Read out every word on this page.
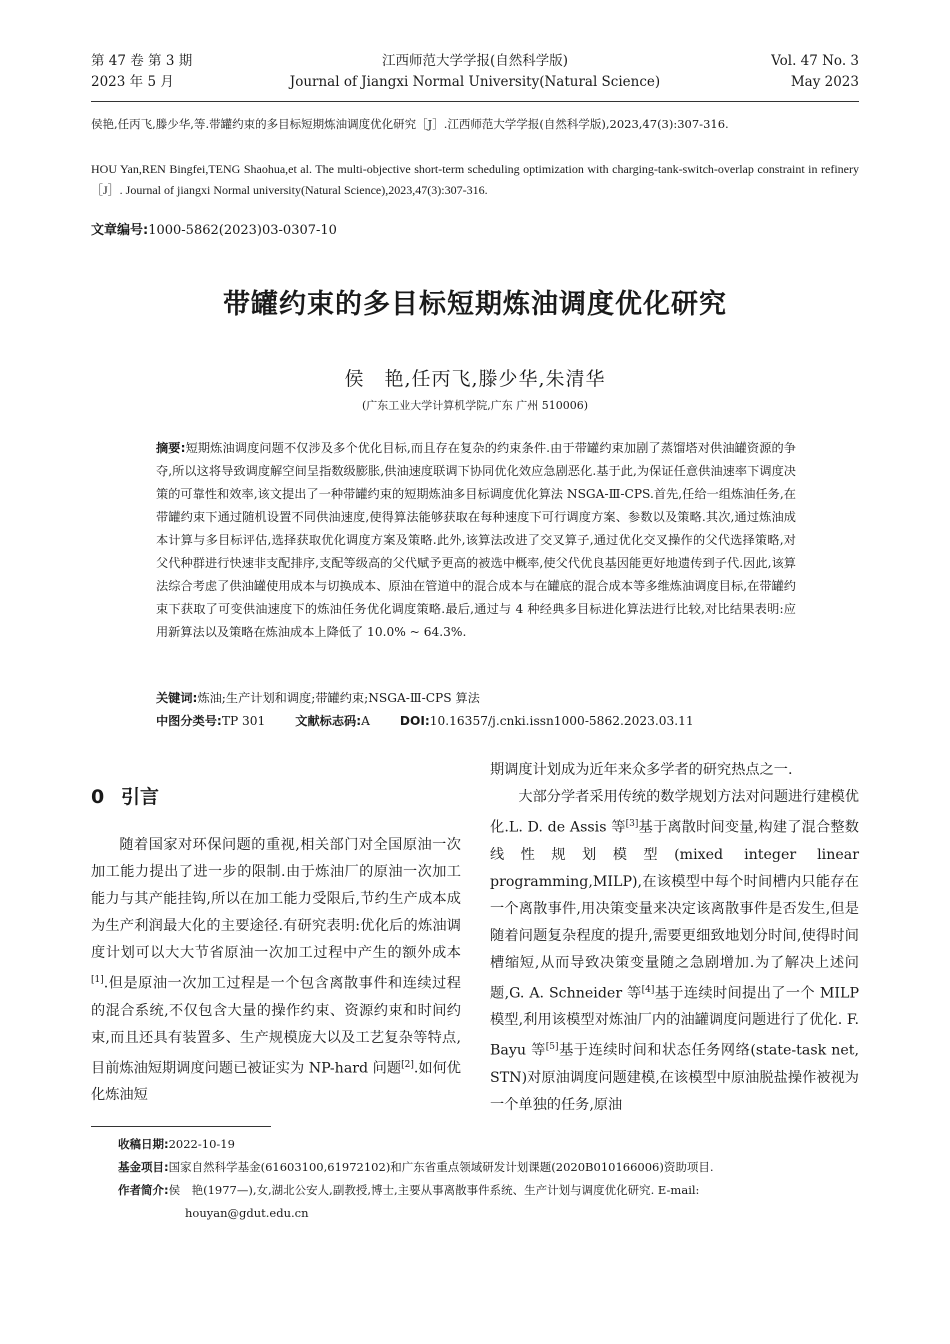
第 47 卷 第 3 期
2023 年 5 月
江西师范大学学报(自然科学版)
Journal of Jiangxi Normal University(Natural Science)
Vol. 47 No. 3
May 2023
侯艳,任丙飞,滕少华,等.带罐约束的多目标短期炼油调度优化研究［J］.江西师范大学学报(自然科学版),2023,47(3):307-316.
HOU Yan,REN Bingfei,TENG Shaohua,et al. The multi-objective short-term scheduling optimization with charging-tank-switch-overlap constraint in refinery［J］. Journal of jiangxi Normal university(Natural Science),2023,47(3):307-316.
文章编号:1000-5862(2023)03-0307-10
带罐约束的多目标短期炼油调度优化研究
侯　艳,任丙飞,滕少华,朱清华
(广东工业大学计算机学院,广东 广州 510006)
摘要:短期炼油调度问题不仅涉及多个优化目标,而且存在复杂的约束条件.由于带罐约束加剧了蒸馏塔对供油罐资源的争夺,所以这将导致调度解空间呈指数级膨胀,供油速度联调下协同优化效应急剧恶化.基于此,为保证任意供油速率下调度决策的可靠性和效率,该文提出了一种带罐约束的短期炼油多目标调度优化算法 NSGA-Ⅲ-CPS.首先,任给一组炼油任务,在带罐约束下通过随机设置不同供油速度,使得算法能够获取在每种速度下可行调度方案、参数以及策略.其次,通过炼油成本计算与多目标评估,选择获取优化调度方案及策略.此外,该算法改进了交叉算子,通过优化交叉操作的父代选择策略,对父代种群进行快速非支配排序,支配等级高的父代赋予更高的被选中概率,使父代优良基因能更好地遗传到子代.因此,该算法综合考虑了供油罐使用成本与切换成本、原油在管道中的混合成本与在罐底的混合成本等多维炼油调度目标,在带罐约束下获取了可变供油速度下的炼油任务优化调度策略.最后,通过与 4 种经典多目标进化算法进行比较,对比结果表明:应用新算法以及策略在炼油成本上降低了 10.0% ~ 64.3%.
关键词:炼油;生产计划和调度;带罐约束;NSGA-Ⅲ-CPS 算法
中图分类号:TP 301 文献标志码:A DOI:10.16357/j.cnki.issn1000-5862.2023.03.11
0 引言

随着国家对环保问题的重视,相关部门对全国原油一次加工能力提出了进一步的限制.由于炼油厂的原油一次加工能力与其产能挂钩,所以在加工能力受限后,节约生产成本成为生产利润最大化的主要途径.有研究表明:优化后的炼油调度计划可以大大节省原油一次加工过程中产生的额外成本[1].但是原油一次加工过程是一个包含离散事件和连续过程的混合系统,不仅包含大量的操作约束、资源约束和时间约束,而且还具有装置多、生产规模庞大以及工艺复杂等特点,目前炼油短期调度问题已被证实为 NP-hard 问题[2].如何优化炼油短

期调度计划成为近年来众多学者的研究热点之一.

大部分学者采用传统的数学规划方法对问题进行建模优化.L. D. de Assis 等[3]基于离散时间变量,构建了混合整数线性规划模型(mixed integer linear programming,MILP),在该模型中每个时间槽内只能存在一个离散事件,用决策变量来决定该离散事件是否发生,但是随着问题复杂程度的提升,需要更细致地划分时间,使得时间槽缩短,从而导致决策变量随之急剧增加.为了解决上述问题,G. A. Schneider 等[4]基于连续时间提出了一个 MILP 模型,利用该模型对炼油厂内的油罐调度问题进行了优化. F. Bayu 等[5]基于连续时间和状态任务网络(state-task net, STN)对原油调度问题建模,在该模型中原油脱盐操作被视为一个单独的任务,原油

收稿日期:2022-10-19

基金项目:国家自然科学基金(61603100,61972102)和广东省重点领域研发计划课题(2020B010166006)资助项目.

作者简介:侯　艳(1977—),女,湖北公安人,副教授,博士,主要从事离散事件系统、生产计划与调度优化研究. E-mail:

houyan@gdut.edu.cn
